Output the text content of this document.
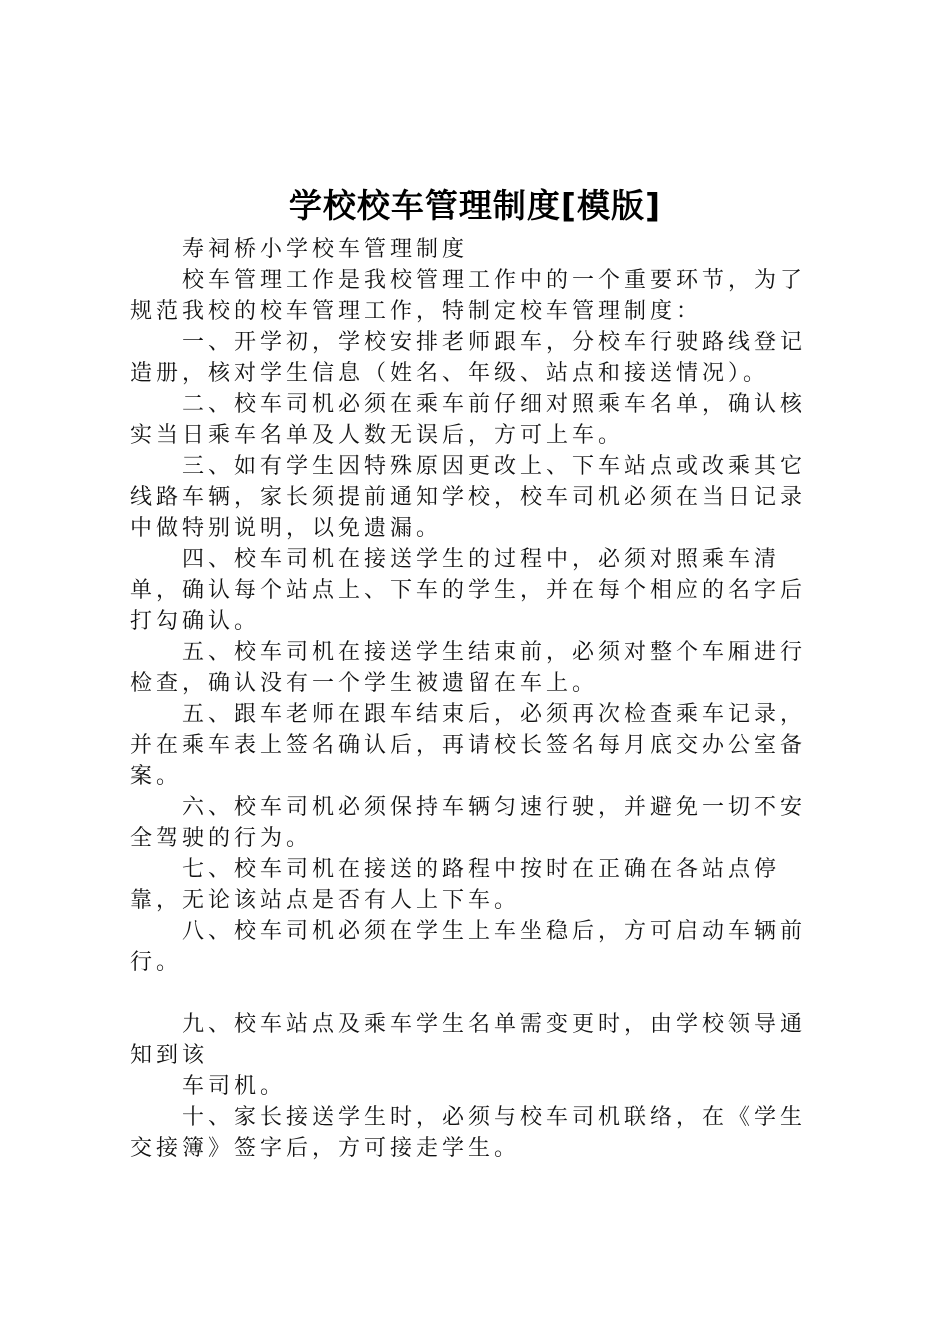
学校校车管理制度[模版]

寿祠桥小学校车管理制度

校车管理工作是我校管理工作中的一个重要环节，为了规范我校的校车管理工作，特制定校车管理制度：

一、开学初，学校安排老师跟车，分校车行驶路线登记造册，核对学生信息（姓名、年级、站点和接送情况）。

二、校车司机必须在乘车前仔细对照乘车名单，确认核实当日乘车名单及人数无误后，方可上车。

三、如有学生因特殊原因更改上、下车站点或改乘其它线路车辆，家长须提前通知学校，校车司机必须在当日记录中做特别说明，以免遗漏。

四、校车司机在接送学生的过程中，必须对照乘车清单，确认每个站点上、下车的学生，并在每个相应的名字后打勾确认。

五、校车司机在接送学生结束前，必须对整个车厢进行检查，确认没有一个学生被遗留在车上。

五、跟车老师在跟车结束后，必须再次检查乘车记录，并在乘车表上签名确认后，再请校长签名每月底交办公室备案。

六、校车司机必须保持车辆匀速行驶，并避免一切不安全驾驶的行为。

七、校车司机在接送的路程中按时在正确在各站点停靠，无论该站点是否有人上下车。

八、校车司机必须在学生上车坐稳后，方可启动车辆前行。

九、校车站点及乘车学生名单需变更时，由学校领导通知到该

车司机。

十、家长接送学生时，必须与校车司机联络，在《学生交接簿》签字后，方可接走学生。
